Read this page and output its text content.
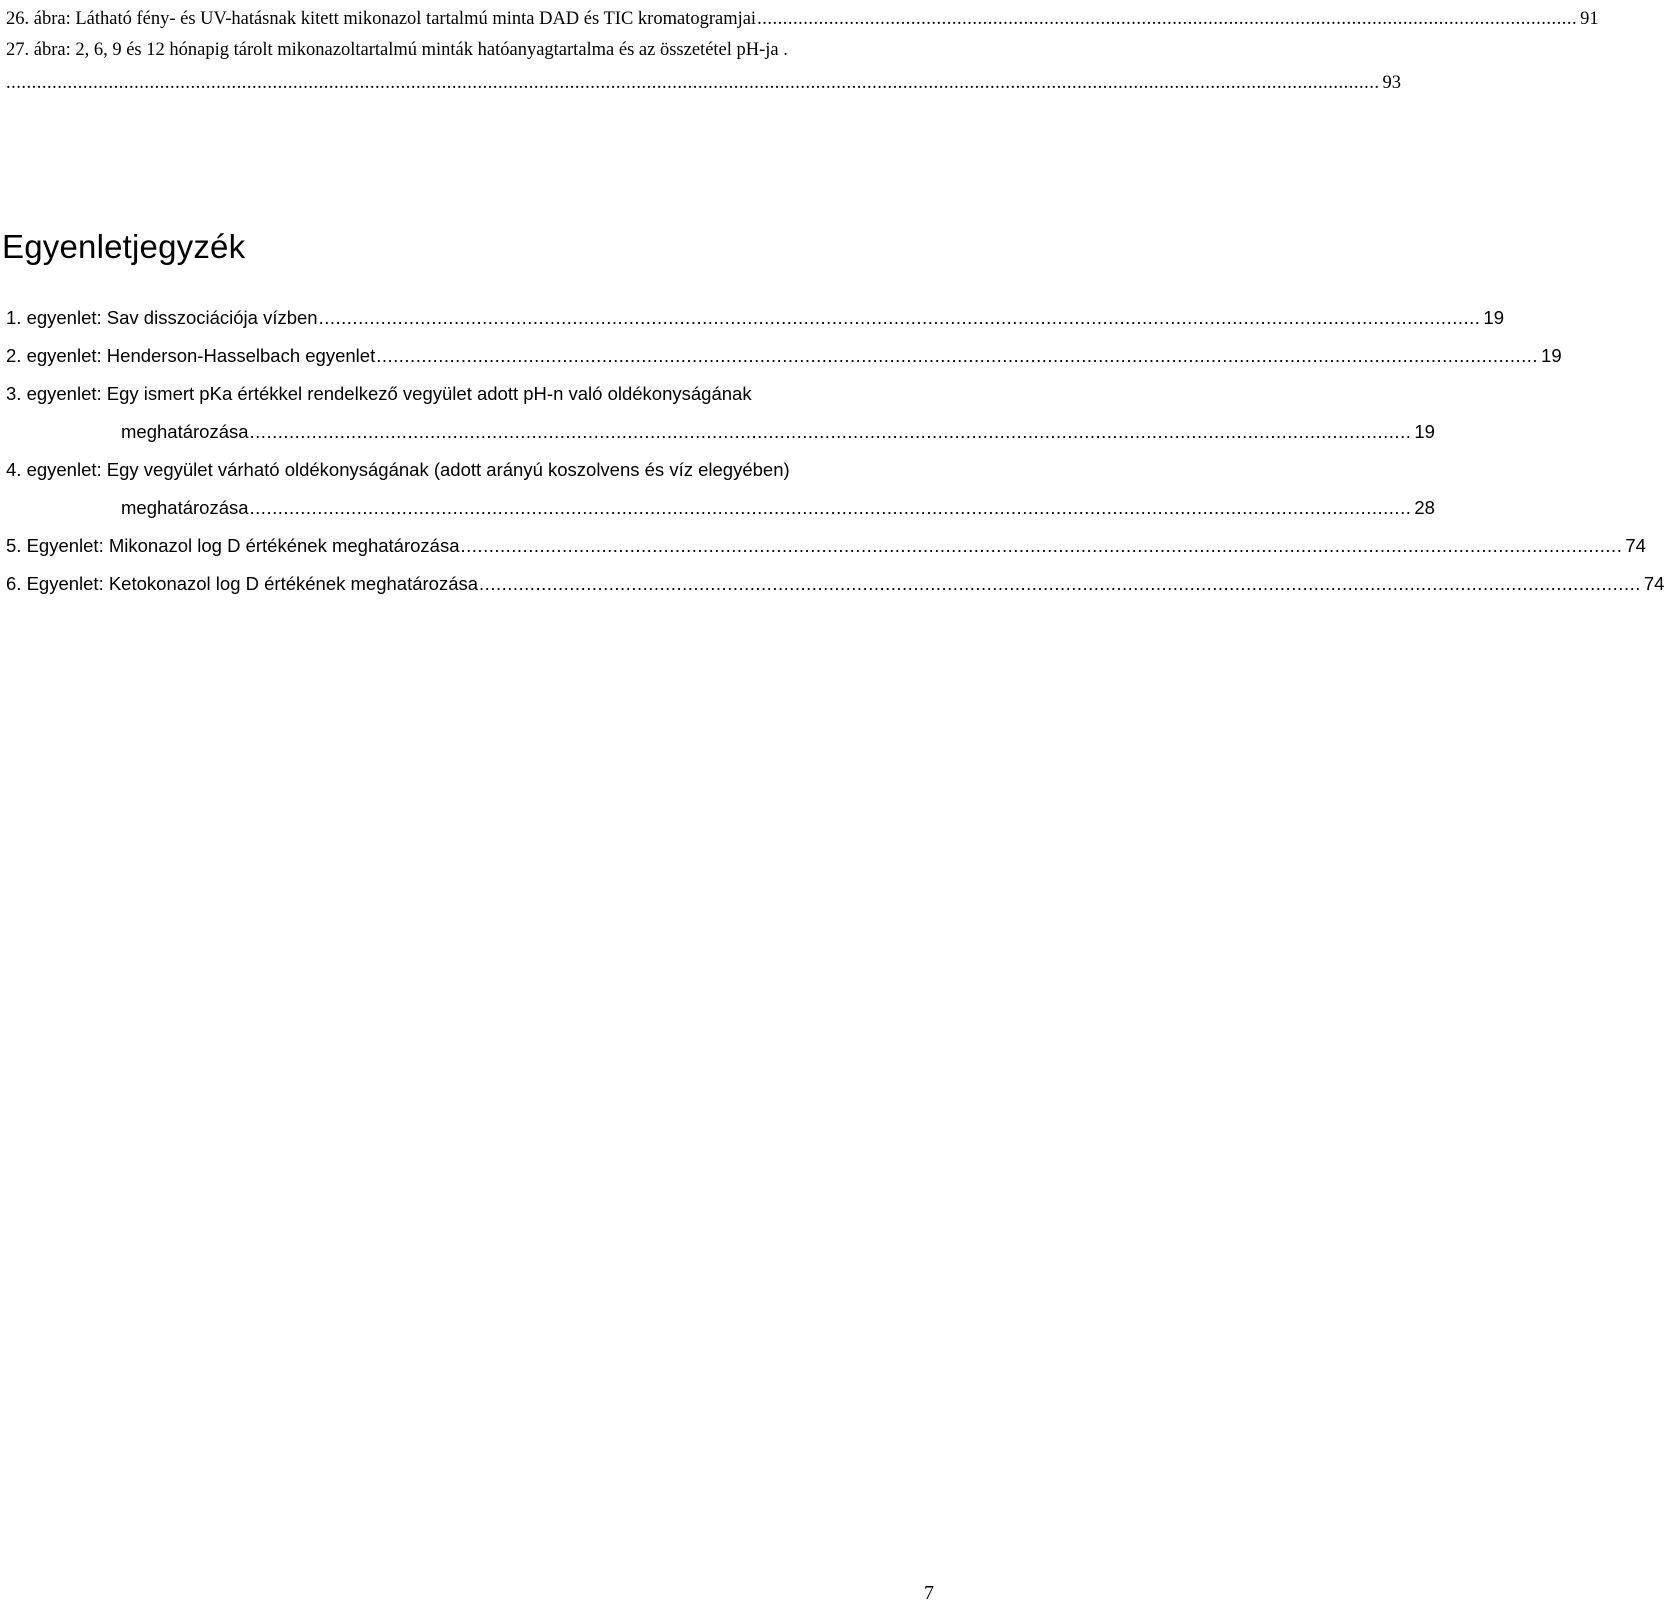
26. ábra: Látható fény- és UV-hatásnak kitett mikonazol tartalmú minta DAD és TIC kromatogramjai ................................................................................................................................................................ 91
27. ábra: 2, 6, 9 és 12 hónapig tárolt mikonazoltartalmú minták hatóanyagtartalma és az összetétel pH-ja .
............................................................................................................................................................................................................................................................................ 93
Egyenletjegyzék
1. egyenlet: Sav disszociációja vízben .............................................................................................................................................................................................................. 19
2. egyenlet: Henderson-Hasselbach egyenlet .............................................................................................................................................................................................................. 19
3. egyenlet: Egy ismert pKa értékkel rendelkező vegyület adott pH-n való oldékonyságának
meghatározása .............................................................................................................................................................................................................. 19
4. egyenlet: Egy vegyület várható oldékonyságának (adott arányú koszolvens és víz elegyében)
meghatározása .............................................................................................................................................................................................................. 28
5. Egyenlet: Mikonazol log D értékének meghatározása .............................................................................................................................................................................................................. 74
6. Egyenlet: Ketokonazol log D értékének meghatározása .............................................................................................................................................................................................................. 74
7
